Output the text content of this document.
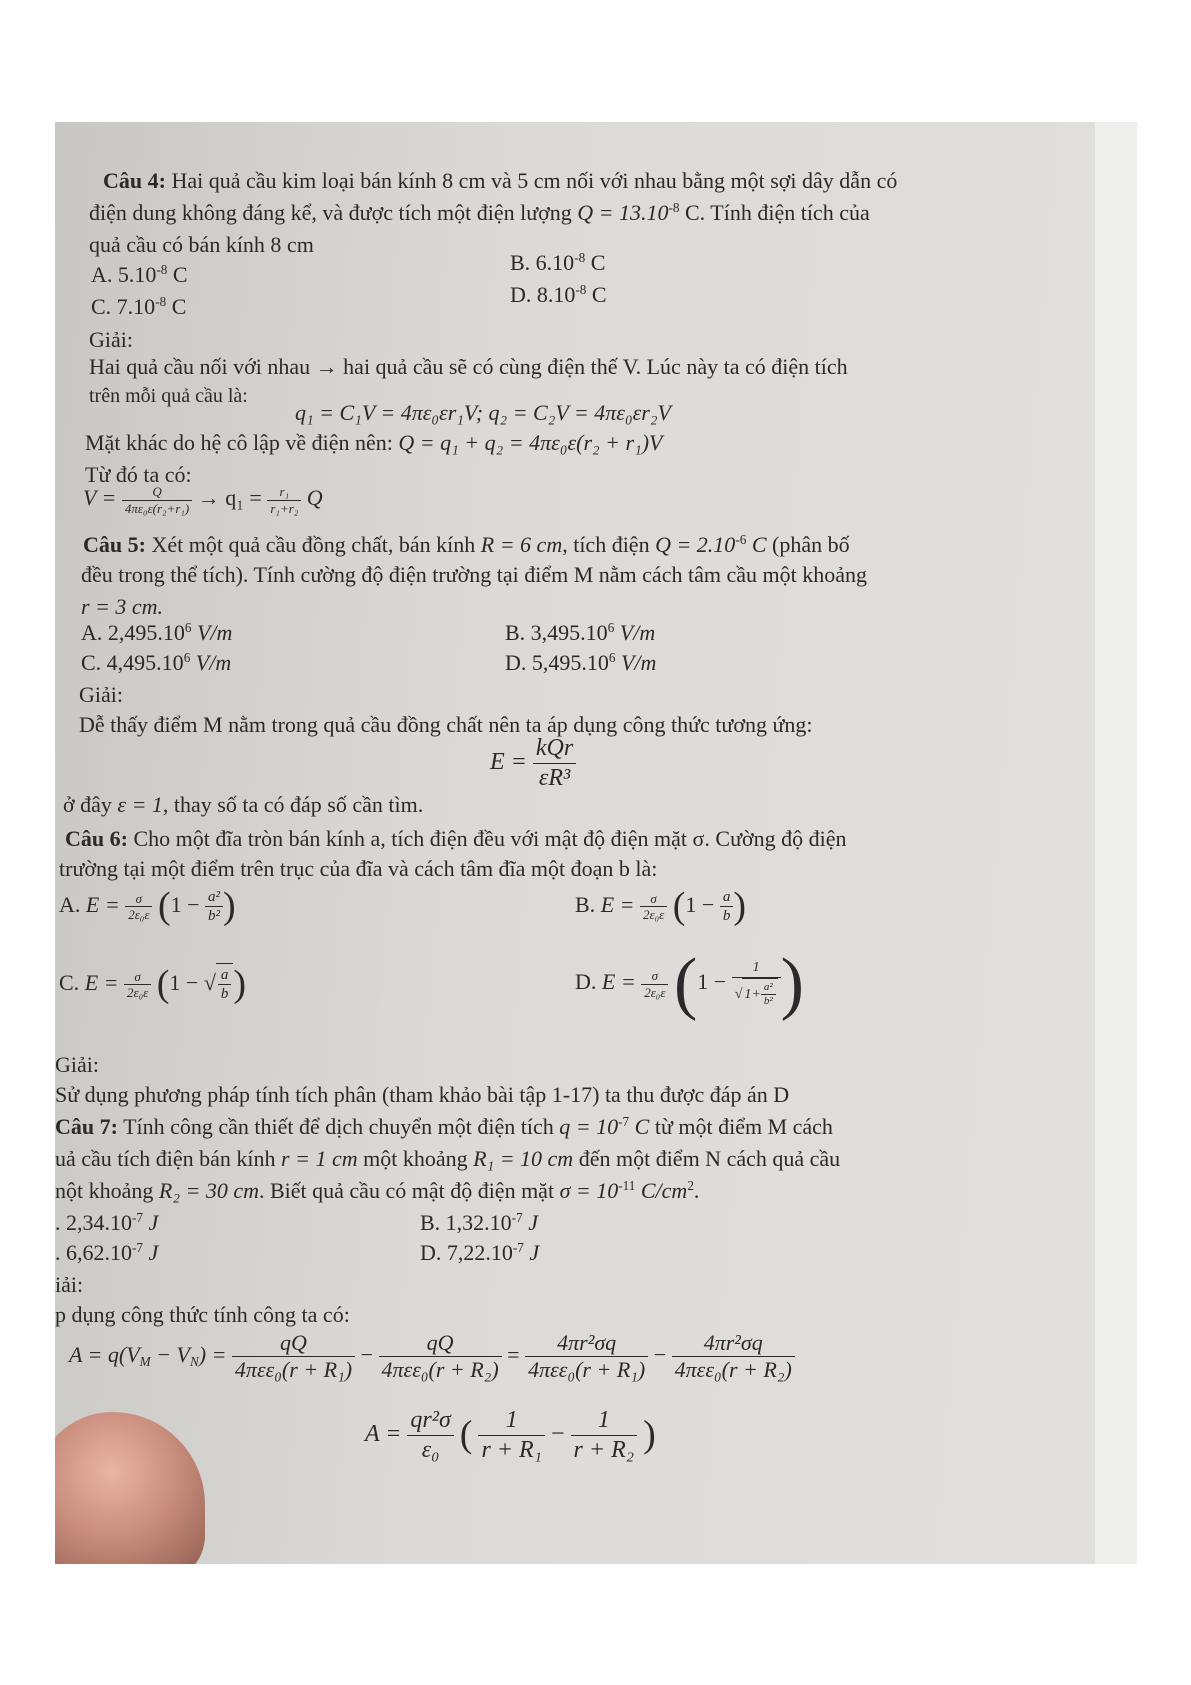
Câu 4: Hai quả cầu kim loại bán kính 8 cm và 5 cm nối với nhau bằng một sợi dây dẫn có
điện dung không đáng kể, và được tích một điện lượng $Q = 13.10^{-8}$ C. Tính điện tích của
quả cầu có bán kính 8 cm
A. $5.10^{-8}$ C	B. $6.10^{-8}$ C
C. $7.10^{-8}$ C	D. $8.10^{-8}$ C
Giải:
Hai quả cầu nối với nhau → hai quả cầu sẽ có cùng điện thế V. Lúc này ta có điện tích
trên mỗi quả cầu là:
q₁ = C₁V = 4πε₀εr₁V; q₂ = C₂V = 4πε₀εr₂V
Mặt khác do hệ cô lập về điện nên: Q = q₁ + q₂ = 4πε₀ε(r₂ + r₁)V
Từ đó ta có:
$V = \frac{Q}{\text{4πε₀ε(r₂+r₁)}} \to q_1 = \frac{\text{r₁}}{\text{r₁+r₂}}$ Q
Câu 5: Xét một quả cầu đồng chất, bán kính R = 6 cm, tích điện $Q = 2.10^{-6}$ C (phân bố
đều trong thể tích). Tính cường độ điện trường tại điểm M nằm cách tâm cầu một khoảng
r = 3 cm.
A. 2,495.10$^6$ V/m	B. 3,495.10$^6$ V/m
C. 4,495.10$^6$ V/m	D. 5,495.10$^6$ V/m
Giải:
Dễ thấy điểm M nằm trong quả cầu đồng chất nên ta áp dụng công thức tương ứng:
$E = \frac{\text{kQr}}{\text{εR³}}$
ở đây ε = 1, thay số ta có đáp số cần tìm.
Câu 6: Cho một đĩa tròn bán kính a, tích điện đều với mật độ điện mặt σ. Cường độ điện
trường tại một điểm trên trục của đĩa và cách tâm đĩa một đoạn b là:
A. $E = \frac{\sigma}{\text{2ε₀ε}} (1 - \frac{\text{a²}}{\text{b²}}$ )	B. $E = \frac{\sigma}{\text{2ε₀ε}} (1 - \frac{a}{b}$ )
C. $E = \frac{\sigma}{\text{2ε₀ε}} (1$ − √ $\frac{a}{b}$ )	D. $E = \frac{\sigma}{\text{2ε₀ε}} (1 - \frac{1}{√ 1+ \frac{\text{a²}}{\text{b²}}}$ )
Giải:
Sử dụng phương pháp tính tích phân (tham khảo bài tập 1-17) ta thu được đáp án D
Câu 7: Tính công cần thiết để dịch chuyển một điện tích $q = 10^{-7}$ C từ một điểm M cách
uả cầu tích điện bán kính r = 1 cm một khoảng R₁ = 10 cm đến một điểm N cách quả cầu
nột khoảng R₂ = 30 cm. Biết quả cầu có mật độ điện mặt $\sigma = 10^{-11}$ $C/cm^2$.
. $2,34.10^{-7}$ J	B. $1,32.10^{-7}$ J
. $6,62.10^{-7}$ J	D. $7,22.10^{-7}$ J
iải:
p dụng công thức tính công ta có:
$A = q(V_M - V_N) = \frac{qQ}{\text{4πεε₀(r + R₁)}} - \frac{qQ}{\text{4πεε₀(r + R₂)}} = \frac{\text{4πr²σq}}{\text{4πεε₀(r + R₁)}} - \frac{\text{4πr²σq}}{\text{4πεε₀(r + R₂)}}$
$A = \frac{\text{qr²σ}}{\text{ε₀}}$ ( $\frac{1}{\text{r + R₁}} - \frac{1}{\text{r + R₂}}$ )
